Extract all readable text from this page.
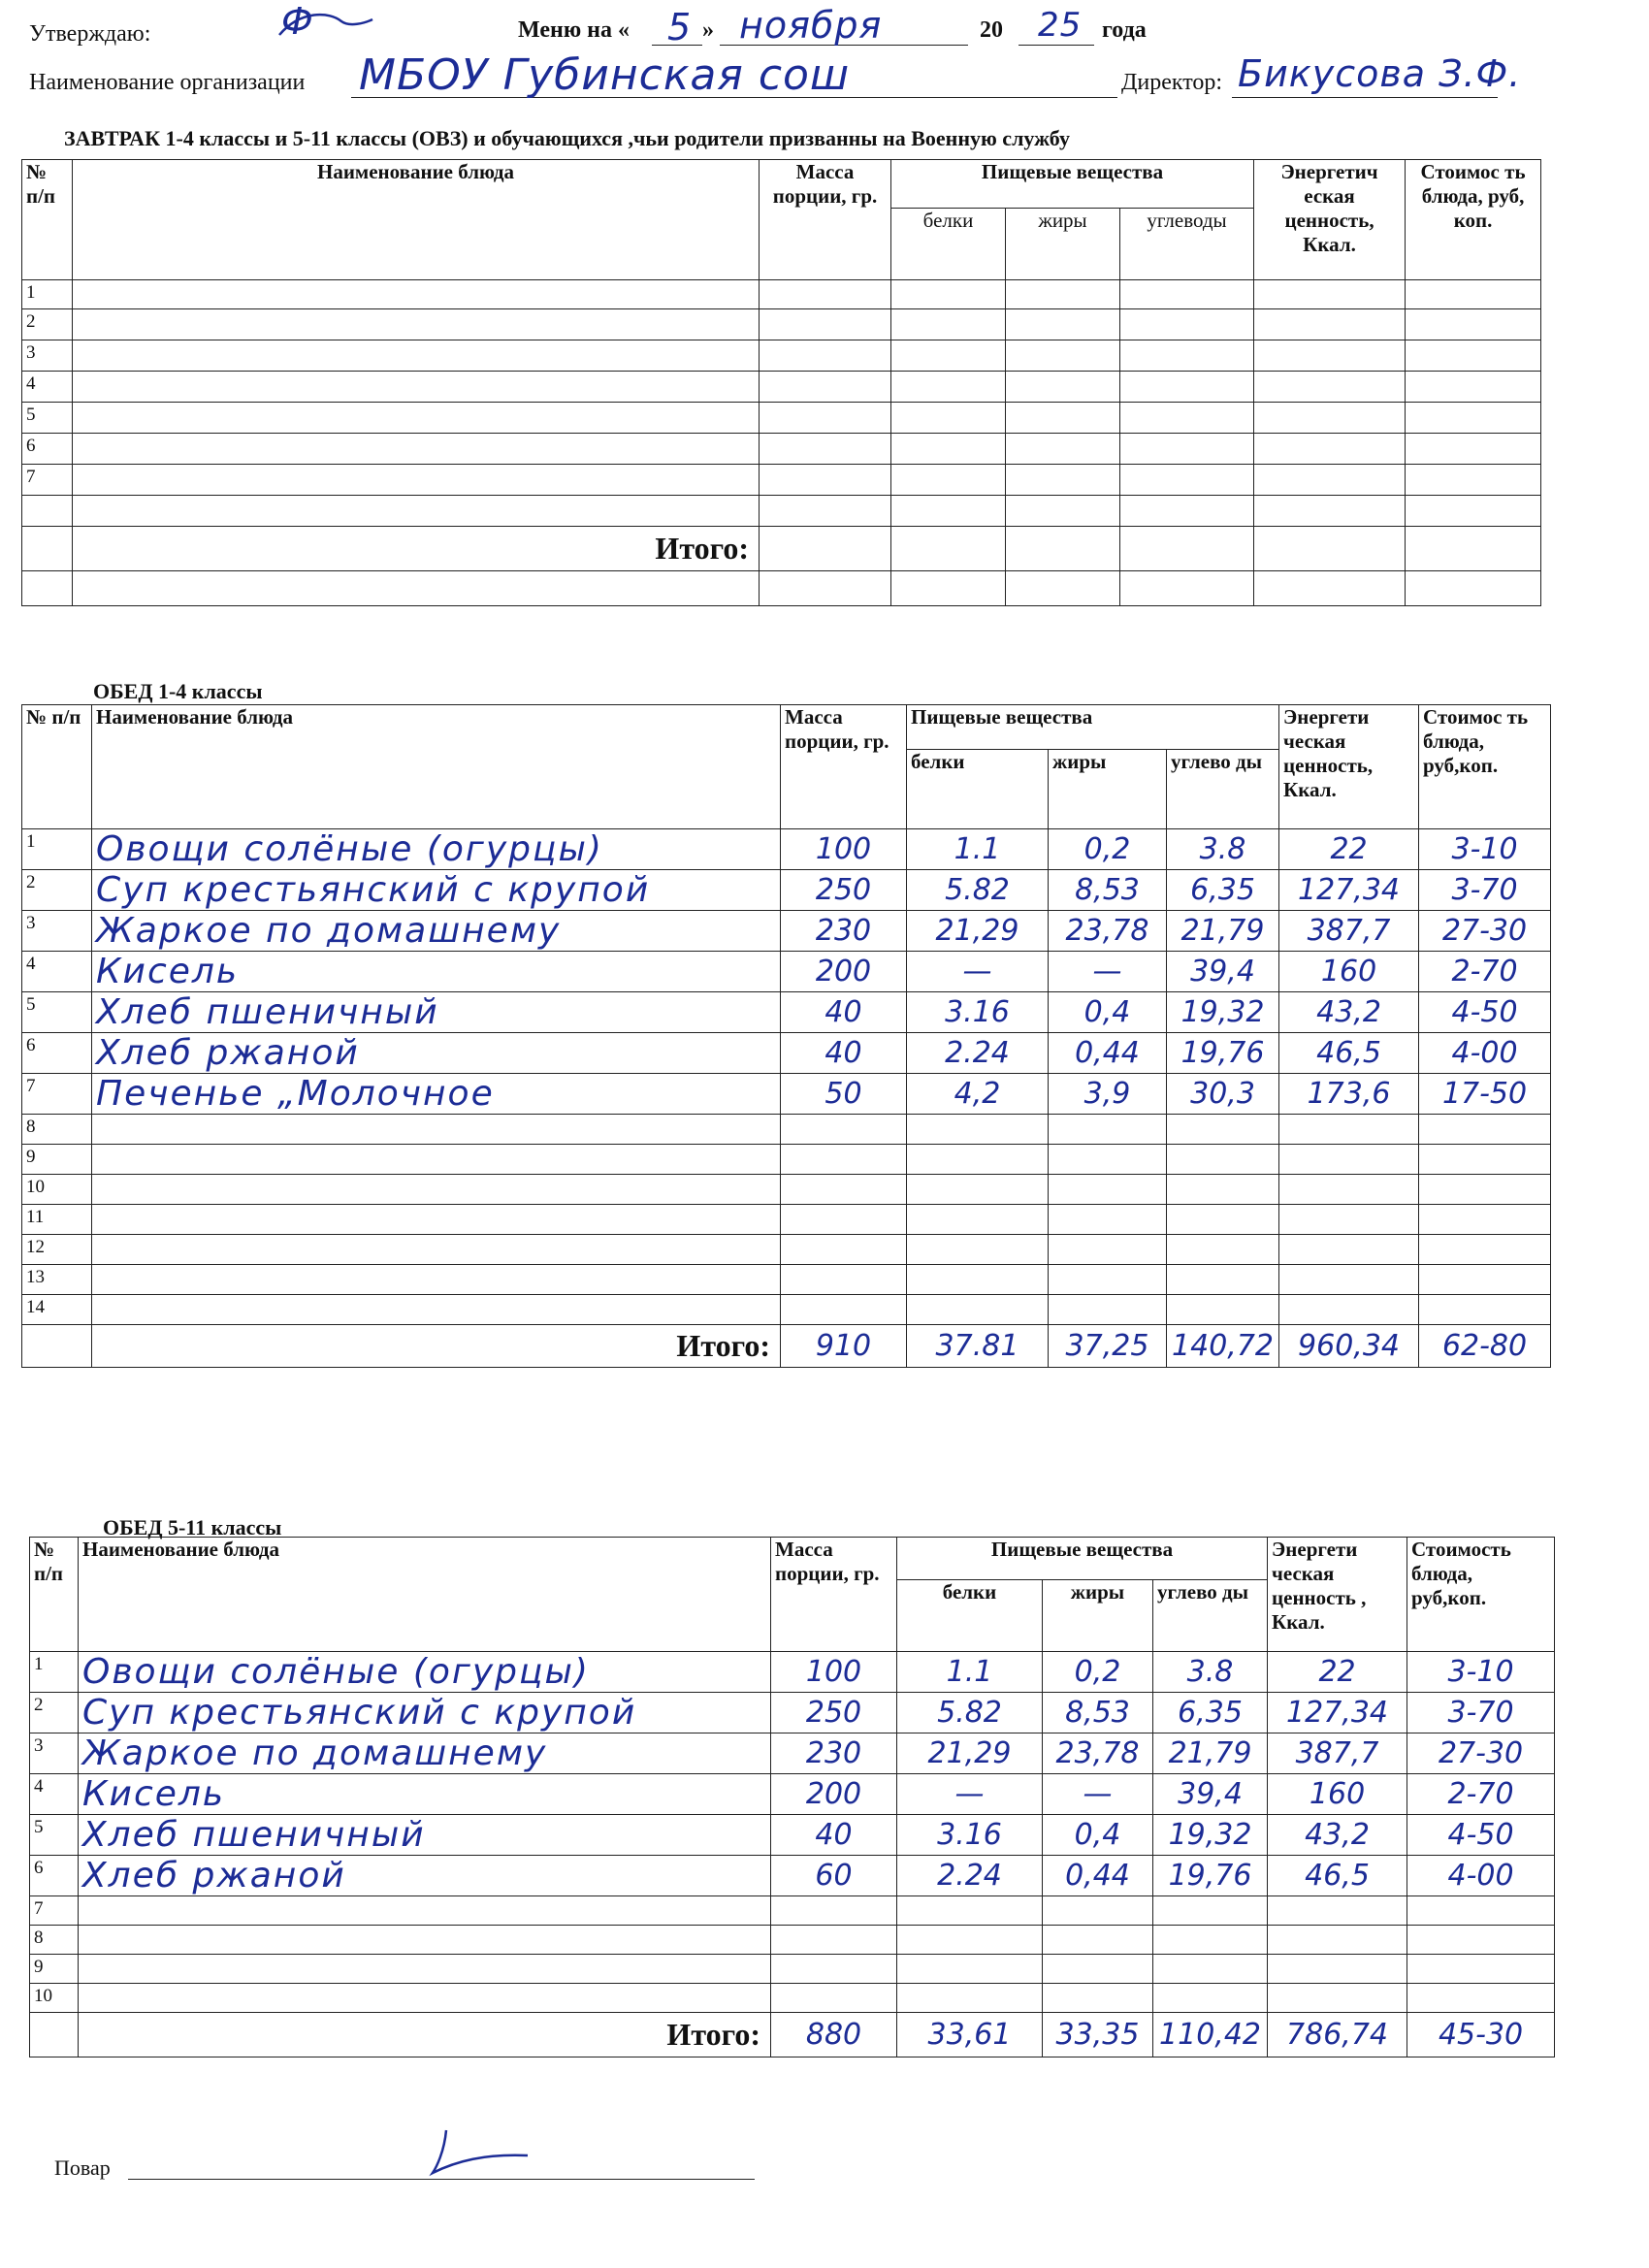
Утверждаю:	Ф	Меню на « 5 » ноября	20 25 года
Наименование организации МБОУ Губинская сош	Директор: Бикусова З.Ф.
ЗАВТРАК 1-4 классы и 5-11 классы (ОВЗ) и обучающихся ,чьи родители призванны на Военную службу
№ п/п	Наименование блюда	Масса порции, гр.	Пищевые вещества			Энергетич еская ценность, Ккал.	Стоимос ть блюда, руб, коп.
			белки	жиры	углеводы		
1							
2							
3							
4							
5							
6							
7							

	Итого:						

ОБЕД 1-4 классы
№ п/п	Наименование блюда	Масса порции, гр.	Пищевые вещества			Энергети ческая ценность, Ккал.	Стоимос ть блюда, руб,коп.
			белки	жиры	углево ды		
1	Овощи солёные (огурцы)	100	1.1	0,2	3.8	22	3-10
2	Суп крестьянский с крупой	250	5.82	8,53	6,35	127,34	3-70
3	Жаркое по домашнему	230	21,29	23,78	21,79	387,7	27-30
4	Кисель	200	—	—	39,4	160	2-70
5	Хлеб пшеничный	40	3.16	0,4	19,32	43,2	4-50
6	Хлеб ржаной	40	2.24	0,44	19,76	46,5	4-00
7	Печенье „Молочное	50	4,2	3,9	30,3	173,6	17-50
8							
9							
10							
11							
12							
13							
14							
	Итого:	910	37.81	37,25	140,72	960,34	62-80
ОБЕД 5-11 классы
№ п/п	Наименование блюда	Масса порции, гр.	Пищевые вещества			Энергети ческая ценность , Ккал.	Стоимость блюда, руб,коп.
			белки	жиры	углево ды		
1	Овощи солёные (огурцы)	100	1.1	0,2	3.8	22	3-10
2	Суп крестьянский с крупой	250	5.82	8,53	6,35	127,34	3-70
3	Жаркое по домашнему	230	21,29	23,78	21,79	387,7	27-30
4	Кисель	200	—	—	39,4	160	2-70
5	Хлеб пшеничный	40	3.16	0,4	19,32	43,2	4-50
6	Хлеб ржаной	60	2.24	0,44	19,76	46,5	4-00
7							
8							
9							
10							
	Итого:	880	33,61	33,35	110,42	786,74	45-30
Повар
